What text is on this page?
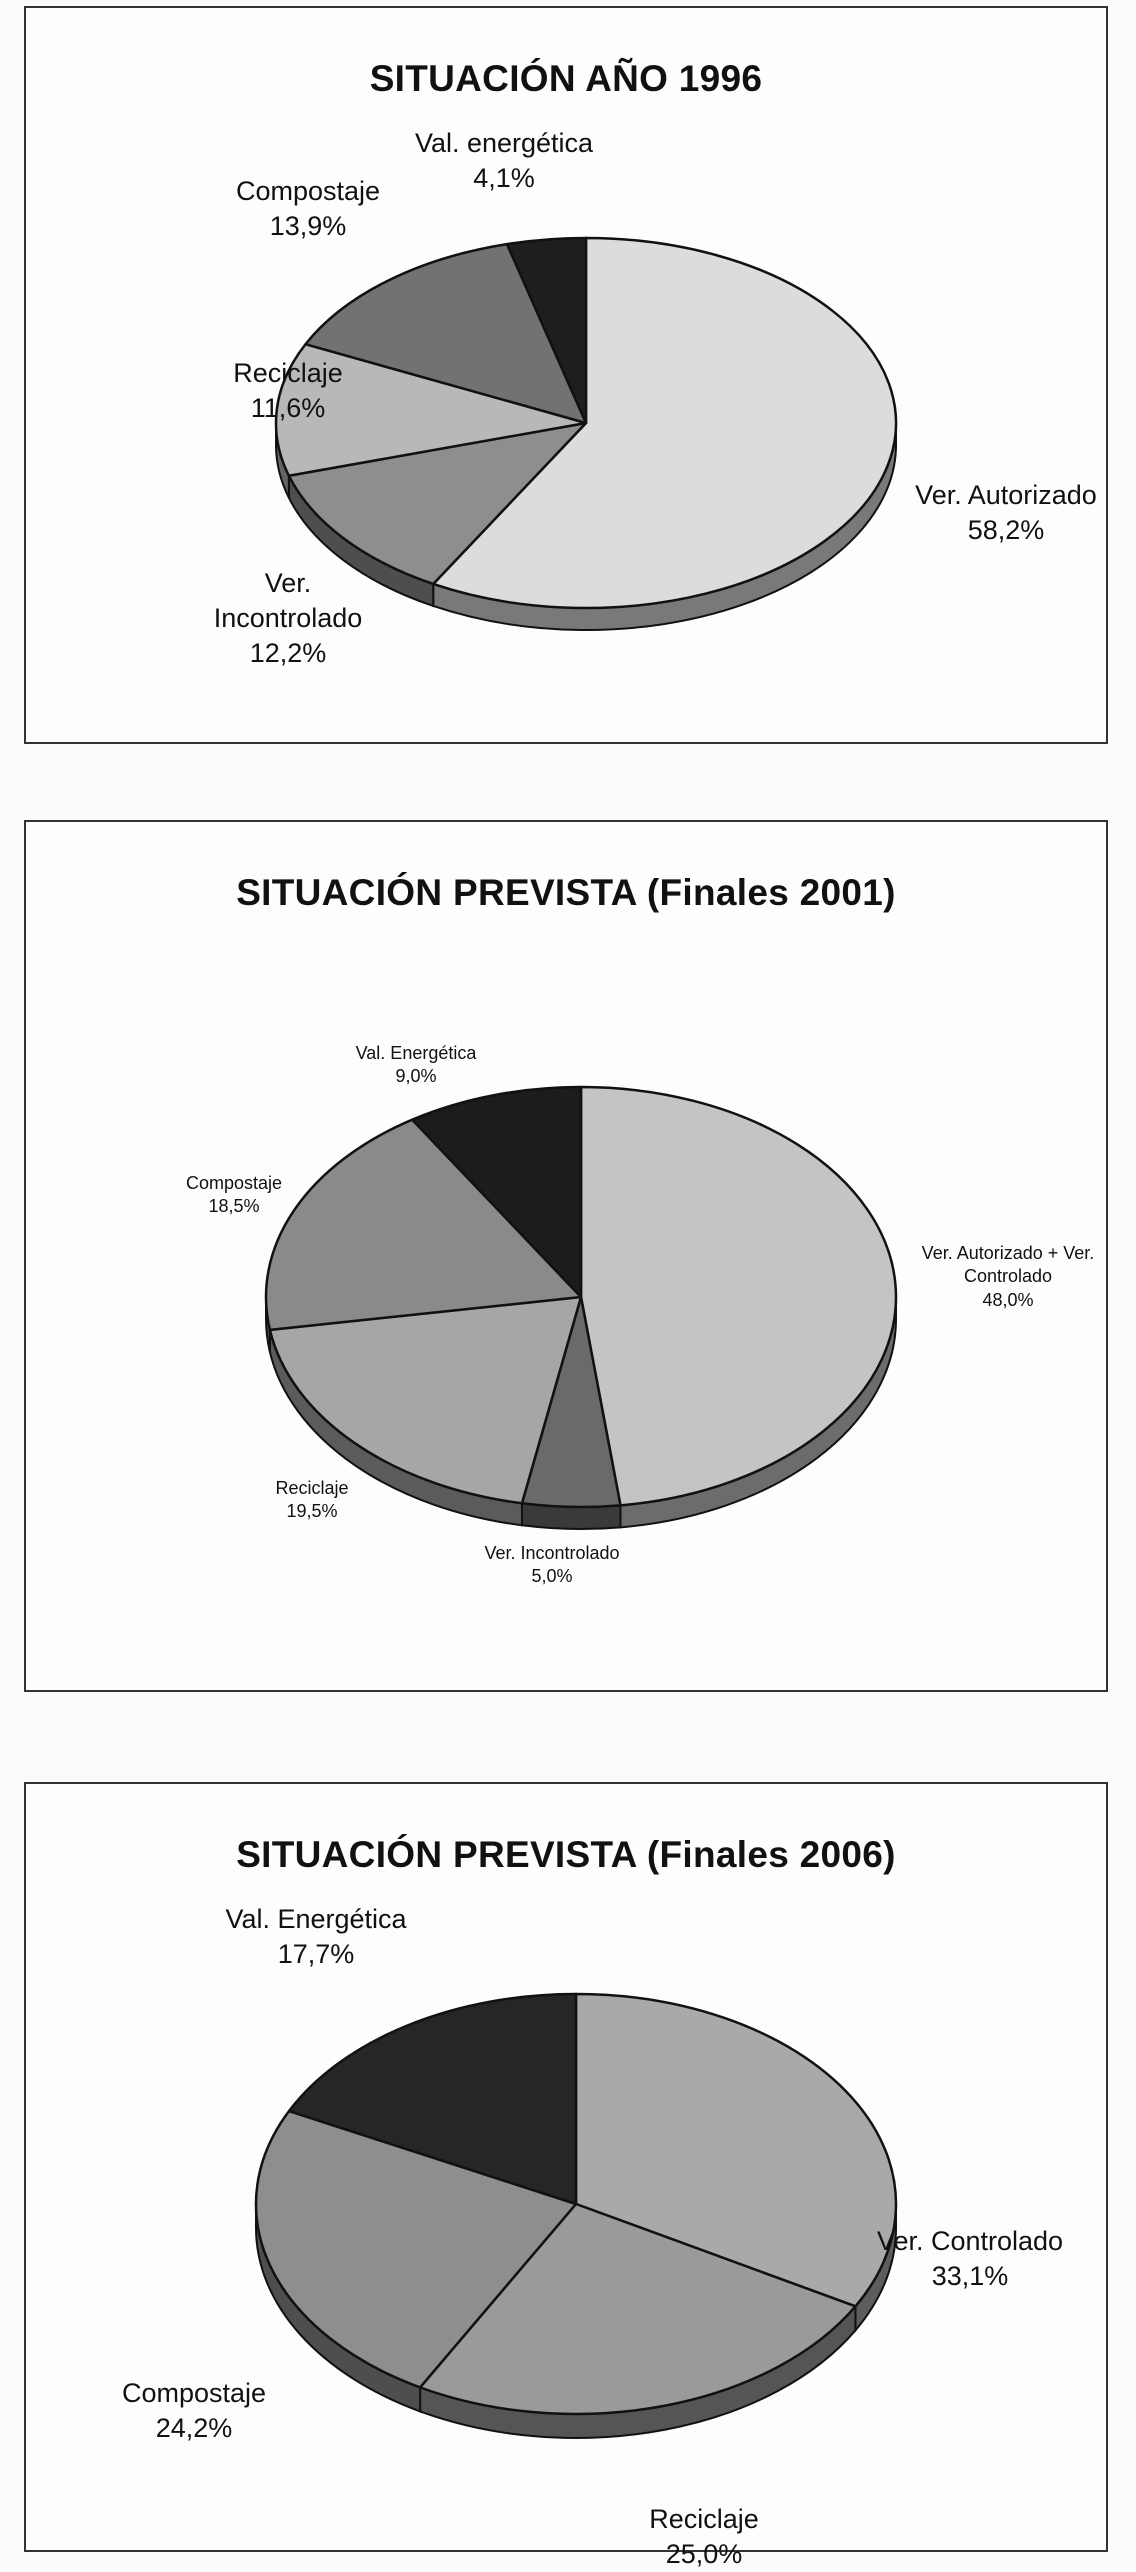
SITUACIÓN AÑO 1996
Ver. Autorizado
58,2%
Ver.
Incontrolado
12,2%
Reciclaje
11,6%
Compostaje
13,9%
Val. energética
4,1%
SITUACIÓN PREVISTA (Finales 2001)
Ver. Autorizado + Ver.
Controlado
48,0%
Ver. Incontrolado
5,0%
Reciclaje
19,5%
Compostaje
18,5%
Val. Energética
9,0%
SITUACIÓN PREVISTA (Finales 2006)
Ver. Controlado
33,1%
Reciclaje
25,0%
Compostaje
24,2%
Val. Energética
17,7%
